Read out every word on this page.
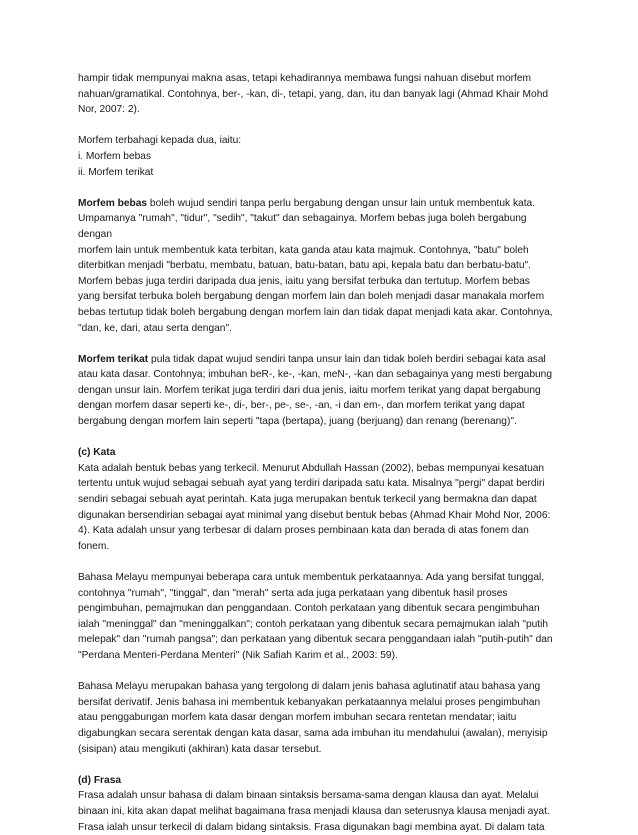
hampir tidak mempunyai makna asas, tetapi kehadirannya membawa fungsi nahuan disebut morfem
nahuan/gramatikal. Contohnya, ber-, -kan, di-, tetapi, yang, dan, itu dan banyak lagi (Ahmad Khair Mohd
Nor, 2007: 2).
Morfem terbahagi kepada dua, iaitu:
i. Morfem bebas
ii. Morfem terikat
Morfem bebas boleh wujud sendiri tanpa perlu bergabung dengan unsur lain untuk membentuk kata.
Umpamanya "rumah", "tidur", "sedih", "takut" dan sebagainya. Morfem bebas juga boleh bergabung
dengan
morfem lain untuk membentuk kata terbitan, kata ganda atau kata majmuk. Contohnya, "batu" boleh
diterbitkan menjadi "berbatu, membatu, batuan, batu-batan, batu api, kepala batu dan berbatu-batu".
Morfem bebas juga terdiri daripada dua jenis, iaitu yang bersifat terbuka dan tertutup. Morfem bebas
yang bersifat terbuka boleh bergabung dengan morfem lain dan boleh menjadi dasar manakala morfem
bebas tertutup tidak boleh bergabung dengan morfem lain dan tidak dapat menjadi kata akar. Contohnya,
"dan, ke, dari, atau serta dengan".
Morfem terikat pula tidak dapat wujud sendiri tanpa unsur lain dan tidak boleh berdiri sebagai kata asal
atau kata dasar. Contohnya; imbuhan beR-, ke-, -kan, meN-, -kan dan sebagainya yang mesti bergabung
dengan unsur lain. Morfem terikat juga terdiri dari dua jenis, iaitu morfem terikat yang dapat bergabung
dengan morfem dasar seperti ke-, di-, ber-, pe-, se-, -an, -i dan em-, dan morfem terikat yang dapat
bergabung dengan morfem lain seperti "tapa (bertapa), juang (berjuang) dan renang (berenang)".
(c) Kata
Kata adalah bentuk bebas yang terkecil. Menurut Abdullah Hassan (2002), bebas mempunyai kesatuan
tertentu untuk wujud sebagai sebuah ayat yang terdiri daripada satu kata. Misalnya "pergi" dapat berdiri
sendiri sebagai sebuah ayat perintah. Kata juga merupakan bentuk terkecil yang bermakna dan dapat
digunakan bersendirian sebagai ayat minimal yang disebut bentuk bebas (Ahmad Khair Mohd Nor, 2006:
4). Kata adalah unsur yang terbesar di dalam proses pembinaan kata dan berada di atas fonem dan
fonem.
Bahasa Melayu mempunyai beberapa cara untuk membentuk perkataannya. Ada yang bersifat tunggal,
contohnya "rumah", "tinggal", dan "merah" serta ada juga perkataan yang dibentuk hasil proses
pengimbuhan, pemajmukan dan penggandaan. Contoh perkataan yang dibentuk secara pengimbuhan
ialah "meninggal" dan "meninggalkan"; contoh perkataan yang dibentuk secara pemajmukan ialah "putih
melepak" dan "rumah pangsa"; dan perkataan yang dibentuk secara penggandaan ialah "putih-putih" dan
"Perdana Menteri-Perdana Menteri" (Nik Safiah Karim et al., 2003: 59).
Bahasa Melayu merupakan bahasa yang tergolong di dalam jenis bahasa aglutinatif atau bahasa yang
bersifat derivatif. Jenis bahasa ini membentuk kebanyakan perkataannya melalui proses pengimbuhan
atau penggabungan morfem kata dasar dengan morfem imbuhan secara rentetan mendatar; iaitu
digabungkan secara serentak dengan kata dasar, sama ada imbuhan itu mendahului (awalan), menyisip
(sisipan) atau mengikuti (akhiran) kata dasar tersebut.
(d) Frasa
Frasa adalah unsur bahasa di dalam binaan sintaksis bersama-sama dengan klausa dan ayat. Melalui
binaan ini, kita akan dapat melihat bagaimana frasa menjadi klausa dan seterusnya klausa menjadi ayat.
Frasa ialah unsur terkecil di dalam bidang sintaksis. Frasa digunakan bagi membina ayat. Di dalam tata
